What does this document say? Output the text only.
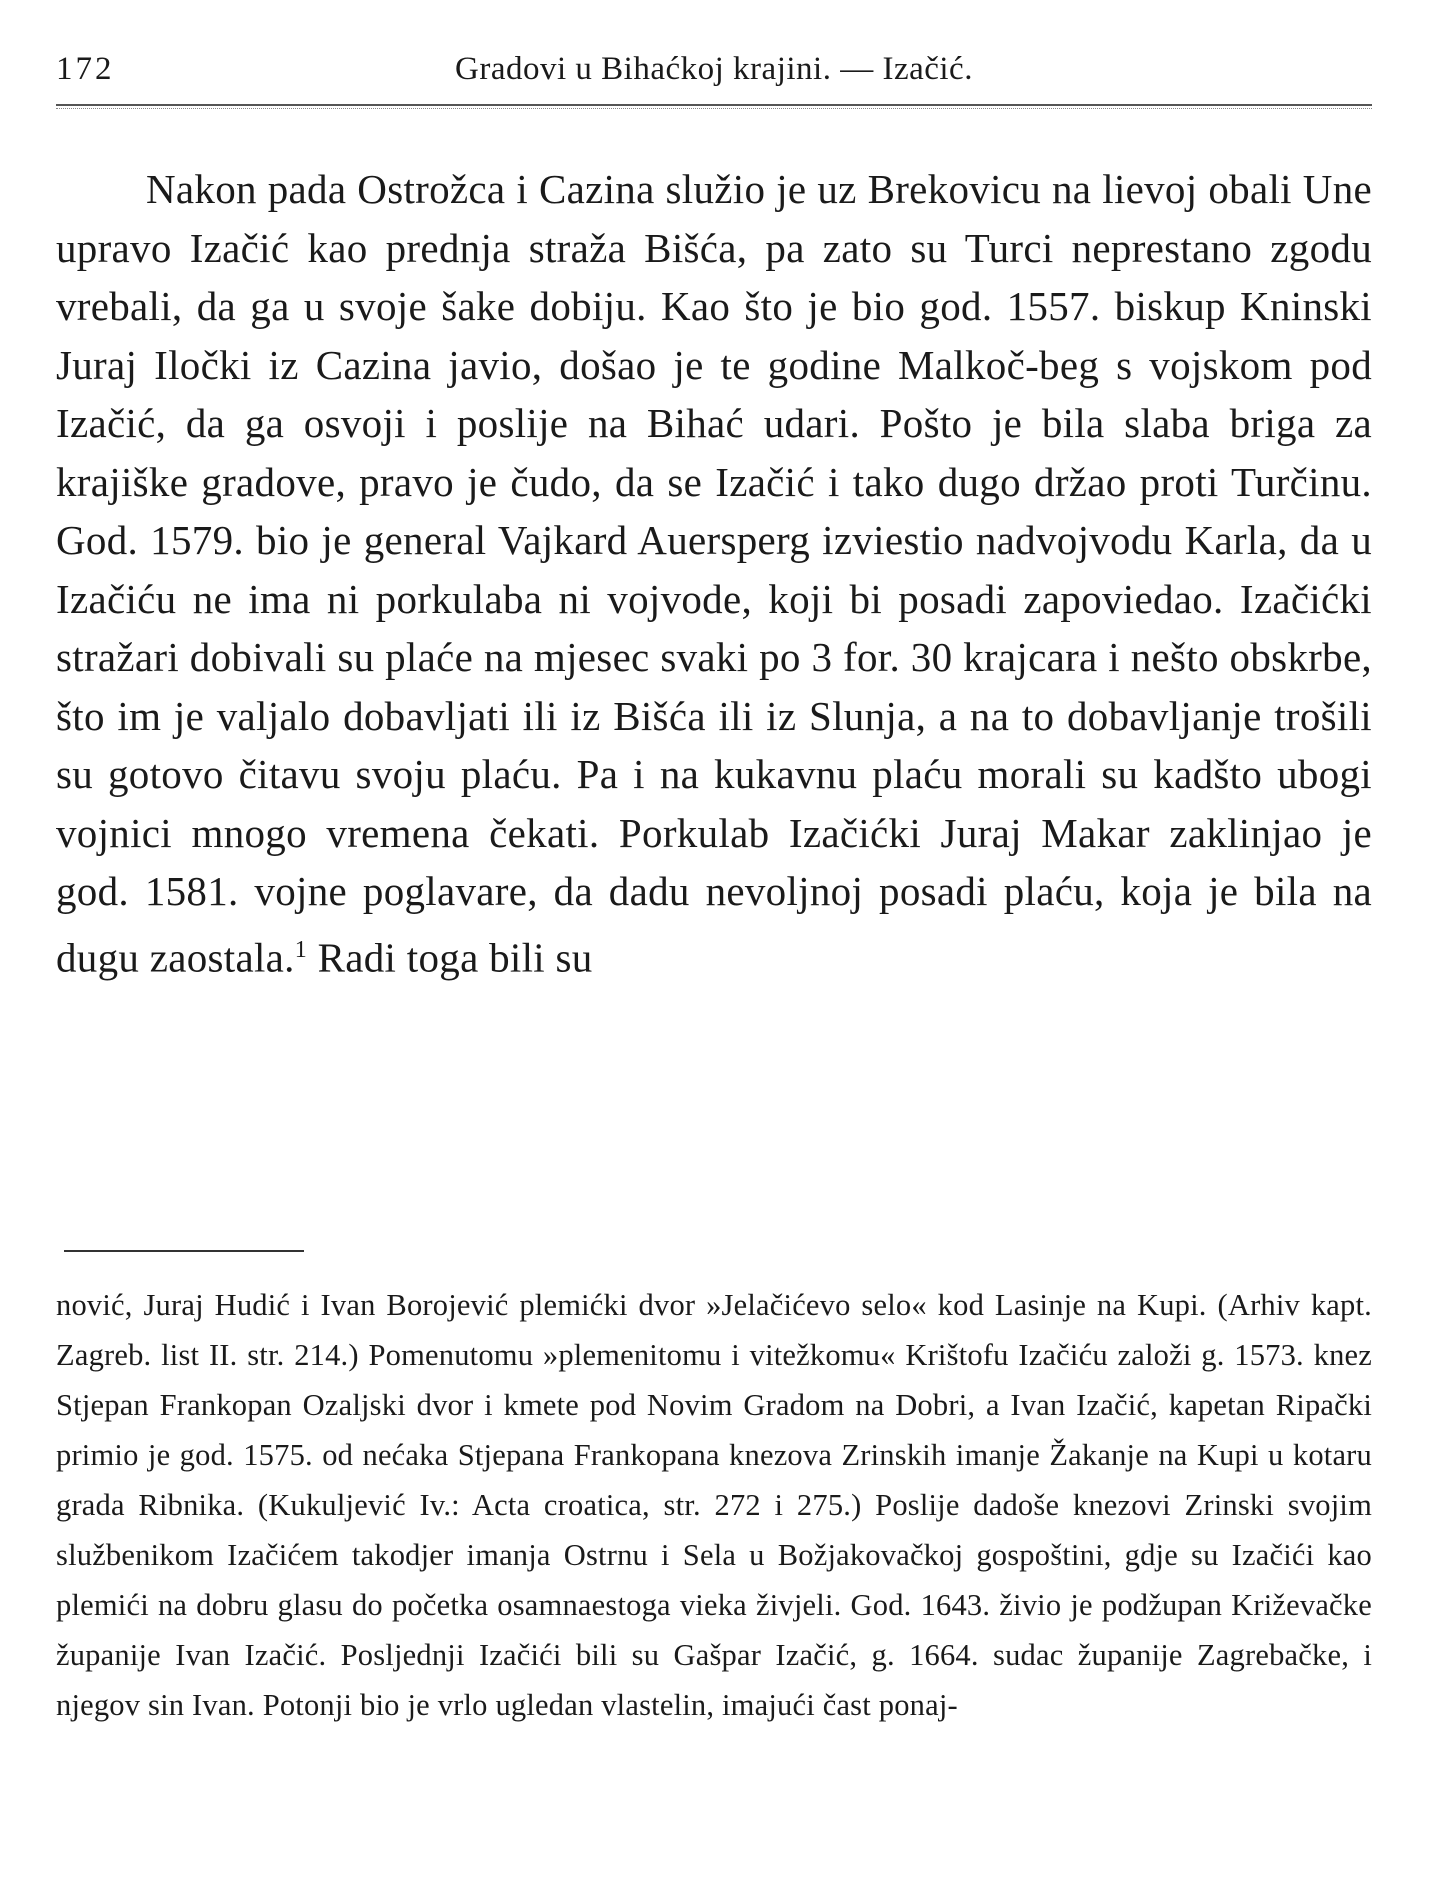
172	Gradovi u Bihaćkoj krajini. — Izačić.

Nakon pada Ostrožca i Cazina služio je uz Brekovicu na lievoj obali Une upravo Izačić kao prednja straža Bišća, pa zato su Turci neprestano zgodu vrebali, da ga u svoje šake dobiju. Kao što je bio god. 1557. biskup Kninski Juraj Iločki iz Cazina javio, došao je te godine Malkoč-beg s vojskom pod Izačić, da ga osvoji i poslije na Bihać udari. Pošto je bila slaba briga za krajiške gradove, pravo je čudo, da se Izačić i tako dugo držao proti Turčinu. God. 1579. bio je general Vajkard Auersperg izviestio nadvojvodu Karla, da u Izačiću ne ima ni porkulaba ni vojvode, koji bi posadi zapoviedao. Izačićki stražari dobivali su plaće na mjesec svaki po 3 for. 30 krajcara i nešto obskrbe, što im je valjalo dobavljati ili iz Bišća ili iz Slunja, a na to dobavljanje trošili su gotovo čitavu svoju plaću. Pa i na kukavnu plaću morali su kadšto ubogi vojnici mnogo vremena čekati. Porkulab Izačićki Juraj Makar zaklinjao je god. 1581. vojne poglavare, da dadu nevoljnoj posadi plaću, koja je bila na dugu zaostala.$^1$ Radi toga bili su

nović, Juraj Hudić i Ivan Borojević plemićki dvor »Jelačićevo selo« kod Lasinje na Kupi. (Arhiv kapt. Zagreb. list II. str. 214.) Pomenutomu »plemenitomu i vitežkomu« Krištofu Izačiću založi g. 1573. knez Stjepan Frankopan Ozaljski dvor i kmete pod Novim Gradom na Dobri, a Ivan Izačić, kapetan Ripački primio je god. 1575. od nećaka Stjepana Frankopana knezova Zrinskih imanje Žakanje na Kupi u kotaru grada Ribnika. (Kukuljević Iv.: Acta croatica, str. 272 i 275.) Poslije dadoše knezovi Zrinski svojim službenikom Izačićem takodjer imanja Ostrnu i Sela u Božjakovačkoj gospoštini, gdje su Izačići kao plemići na dobru glasu do početka osamnaestoga vieka živjeli. God. 1643. živio je podžupan Križevačke županije Ivan Izačić. Posljednji Izačići bili su Gašpar Izačić, g. 1664. sudac županije Zagrebačke, i njegov sin Ivan. Potonji bio je vrlo ugledan vlastelin, imajući čast ponaj-
